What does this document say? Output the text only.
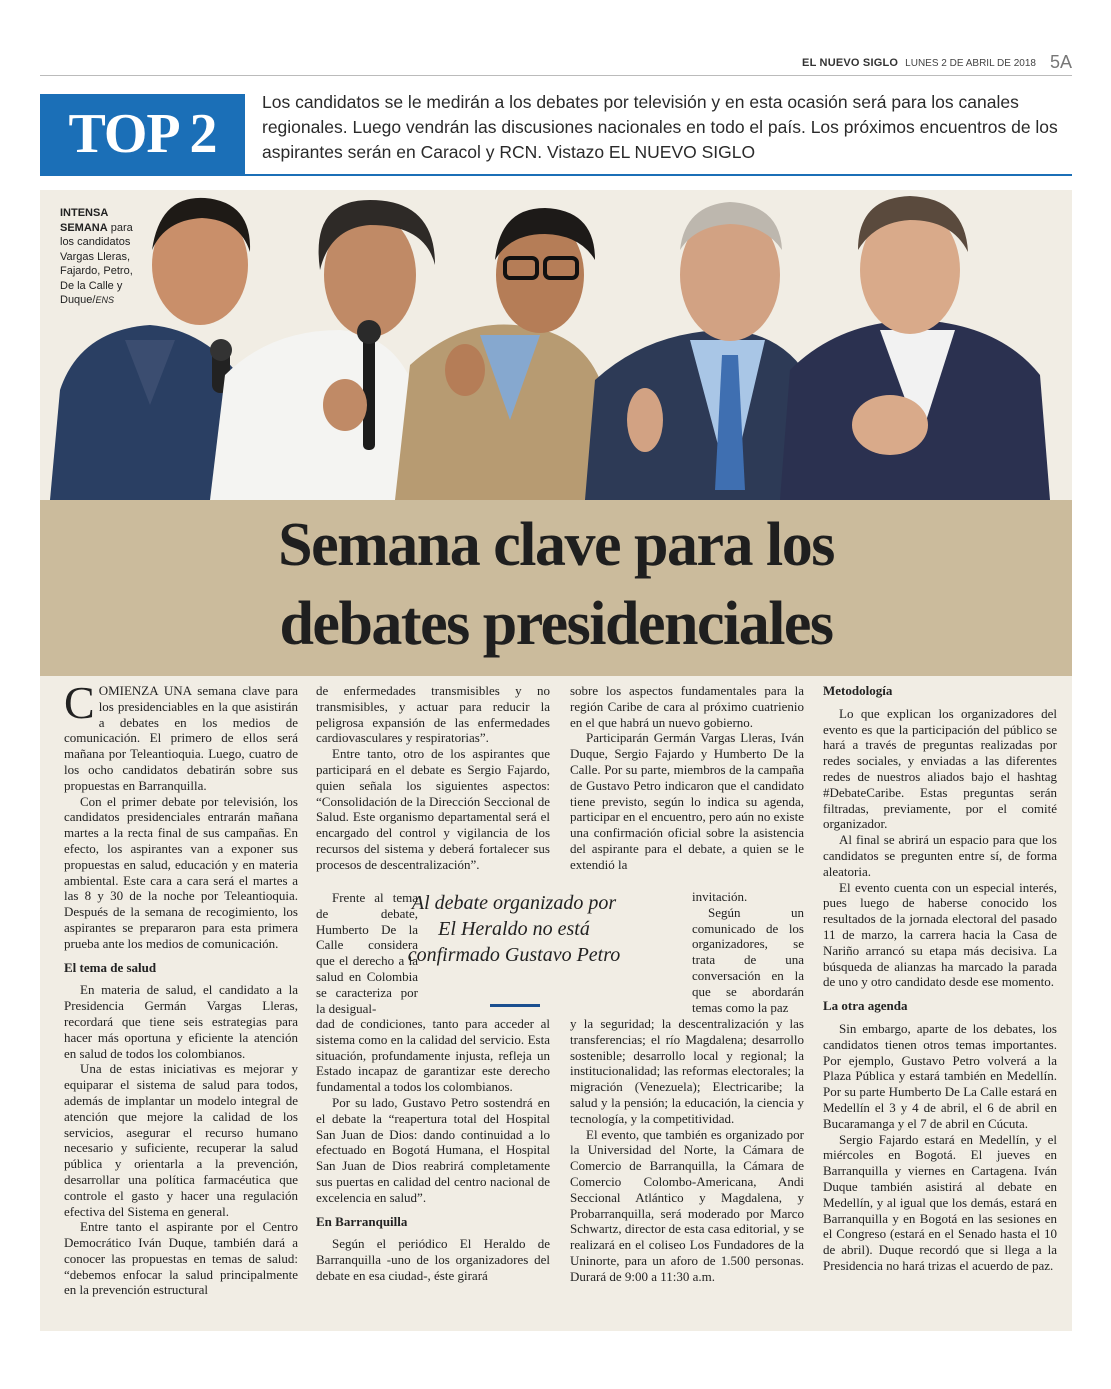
EL NUEVO SIGLO LUNES 2 DE ABRIL DE 2018 5A
TOP 2
Los candidatos se le medirán a los debates por televisión y en esta ocasión será para los canales regionales. Luego vendrán las discusiones nacionales en todo el país. Los próximos encuentros de los aspirantes serán en Caracol y RCN. Vistazo EL NUEVO SIGLO
INTENSA SEMANA para los candidatos Vargas Lleras, Fajardo, Petro, De la Calle y Duque/ENS
Semana clave para los
debates presidenciales

COMIENZA UNA semana clave para los presidenciables en la que asistirán a debates en los medios de comunicación. El primero de ellos será mañana por Teleantioquia. Luego, cuatro de los ocho candidatos debatirán sobre sus propuestas en Barranquilla.

Con el primer debate por televisión, los candidatos presidenciales entrarán mañana martes a la recta final de sus campañas. En efecto, los aspirantes van a exponer sus propuestas en salud, educación y en materia ambiental. Este cara a cara será el martes a las 8 y 30 de la noche por Teleantioquia. Después de la semana de recogimiento, los aspirantes se prepararon para esta primera prueba ante los medios de comunicación.

El tema de salud

En materia de salud, el candidato a la Presidencia Germán Vargas Lleras, recordará que tiene seis estrategias para hacer más oportuna y eficiente la atención en salud de todos los colombianos.

Una de estas iniciativas es mejorar y equiparar el sistema de salud para todos, además de implantar un modelo integral de atención que mejore la calidad de los servicios, asegurar el recurso humano necesario y suficiente, recuperar la salud pública y orientarla a la prevención, desarrollar una política farmacéutica que controle el gasto y hacer una regulación efectiva del Sistema en general.

Entre tanto el aspirante por el Centro Democrático Iván Duque, también dará a conocer las propuestas en temas de salud: “debemos enfocar la salud principalmente en la prevención estructural

de enfermedades transmisibles y no transmisibles, y actuar para reducir la peligrosa expansión de las enfermedades cardiovasculares y respiratorias”.

Entre tanto, otro de los aspirantes que participará en el debate es Sergio Fajardo, quien señala los siguientes aspectos: “Consolidación de la Dirección Seccional de Salud. Este organismo departamental será el encargado del control y vigilancia de los recursos del sistema y deberá fortalecer sus procesos de descentralización”.

Frente al tema de debate, Humberto De la Calle considera que el derecho a la salud en Colombia se caracteriza por la desigual-

dad de condiciones, tanto para acceder al sistema como en la calidad del servicio. Esta situación, profundamente injusta, refleja un Estado incapaz de garantizar este derecho fundamental a todos los colombianos.

Por su lado, Gustavo Petro sostendrá en el debate la “reapertura total del Hospital San Juan de Dios: dando continuidad a lo efectuado en Bogotá Humana, el Hospital San Juan de Dios reabrirá completamente sus puertas en calidad del centro nacional de excelencia en salud”.

En Barranquilla

Según el periódico El Heraldo de Barranquilla -uno de los organizadores del debate en esa ciudad-, éste girará

sobre los aspectos fundamentales para la región Caribe de cara al próximo cuatrienio en el que habrá un nuevo gobierno.

Participarán Germán Vargas Lleras, Iván Duque, Sergio Fajardo y Humberto De la Calle. Por su parte, miembros de la campaña de Gustavo Petro indicaron que el candidato tiene previsto, según lo indica su agenda, participar en el encuentro, pero aún no existe una confirmación oficial sobre la asistencia del aspirante para el debate, a quien se le extendió la

invitación.

Según un comunicado de los organizadores, se trata de una conversación en la que se abordarán temas como la paz

y la seguridad; la descentralización y las transferencias; el río Magdalena; desarrollo sostenible; desarrollo local y regional; la institucionalidad; las reformas electorales; la migración (Venezuela); Electricaribe; la salud y la pensión; la educación, la ciencia y tecnología, y la competitividad.

El evento, que también es organizado por la Universidad del Norte, la Cámara de Comercio de Barranquilla, la Cámara de Comercio Colombo-Americana, Andi Seccional Atlántico y Magdalena, y Probarranquilla, será moderado por Marco Schwartz, director de esta casa editorial, y se realizará en el coliseo Los Fundadores de la Uninorte, para un aforo de 1.500 personas. Durará de 9:00 a 11:30 a.m.

Metodología

Lo que explican los organizadores del evento es que la participación del público se hará a través de preguntas realizadas por redes sociales, y enviadas a las diferentes redes de nuestros aliados bajo el hashtag #DebateCaribe. Estas preguntas serán filtradas, previamente, por el comité organizador.

Al final se abrirá un espacio para que los candidatos se pregunten entre sí, de forma aleatoria.

El evento cuenta con un especial interés, pues luego de haberse conocido los resultados de la jornada electoral del pasado 11 de marzo, la carrera hacia la Casa de Nariño arrancó su etapa más decisiva. La búsqueda de alianzas ha marcado la parada de uno y otro candidato desde ese momento.

La otra agenda

Sin embargo, aparte de los debates, los candidatos tienen otros temas importantes. Por ejemplo, Gustavo Petro volverá a la Plaza Pública y estará también en Medellín. Por su parte Humberto De La Calle estará en Medellín el 3 y 4 de abril, el 6 de abril en Bucaramanga y el 7 de abril en Cúcuta.

Sergio Fajardo estará en Medellín, y el miércoles en Bogotá. El jueves en Barranquilla y viernes en Cartagena. Iván Duque también asistirá al debate en Medellín, y al igual que los demás, estará en Barranquilla y en Bogotá en las sesiones en el Congreso (estará en el Senado hasta el 10 de abril). Duque recordó que si llega a la Presidencia no hará trizas el acuerdo de paz.

Al debate organizado por El Heraldo no está confirmado Gustavo Petro
